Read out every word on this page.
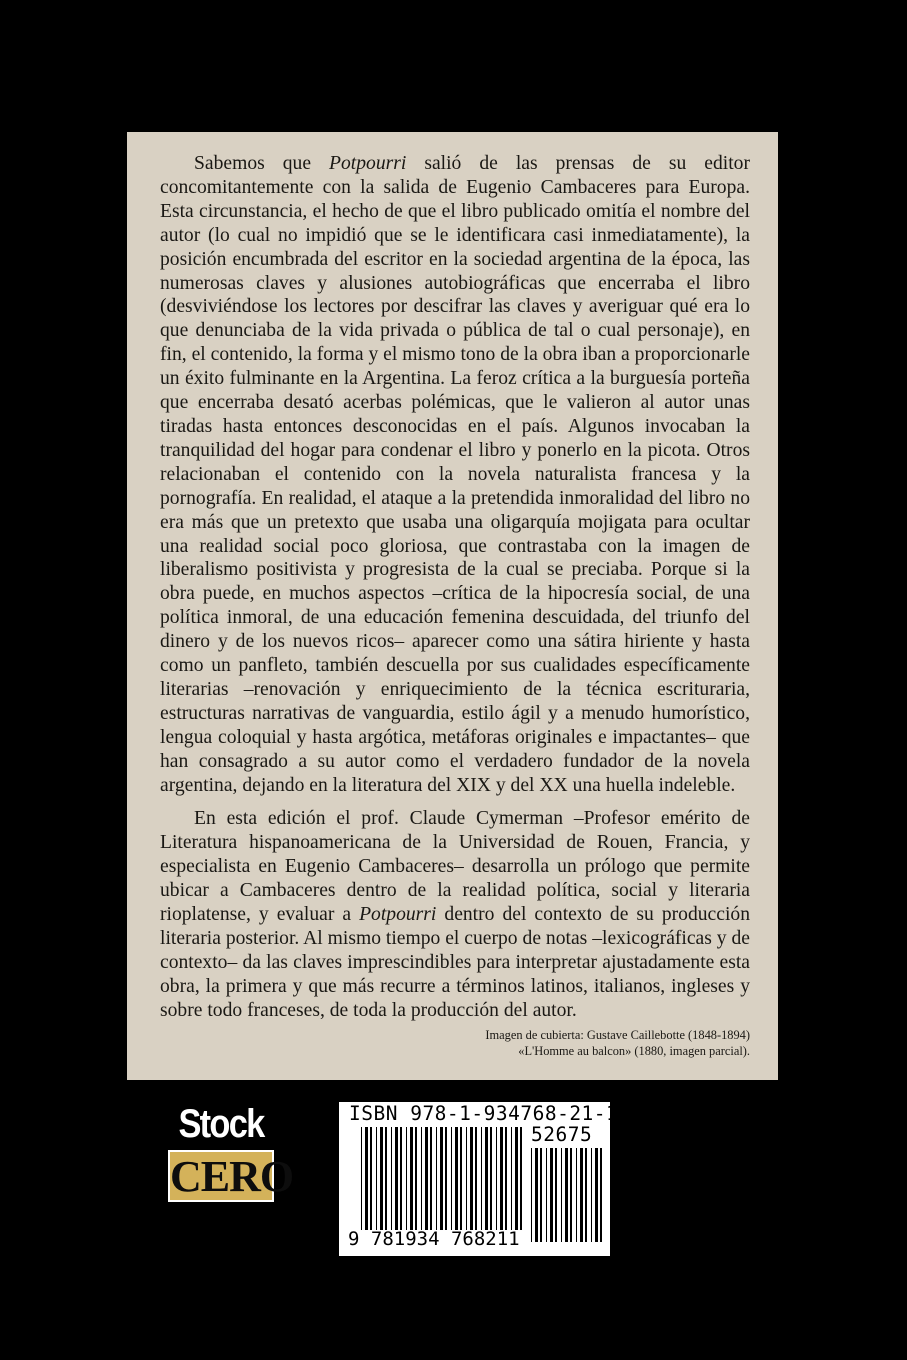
Sabemos que Potpourri salió de las prensas de su editor concomitantemente con la salida de Eugenio Cambaceres para Europa. Esta circunstancia, el hecho de que el libro publicado omitía el nombre del autor (lo cual no impidió que se le identificara casi inmediatamente), la posición encumbrada del escritor en la sociedad argentina de la época, las numerosas claves y alusiones autobiográficas que encerraba el libro (desviviéndose los lectores por descifrar las claves y averiguar qué era lo que denunciaba de la vida privada o pública de tal o cual personaje), en fin, el contenido, la forma y el mismo tono de la obra iban a proporcionarle un éxito fulminante en la Argentina. La feroz crítica a la burguesía porteña que encerraba desató acerbas polémicas, que le valieron al autor unas tiradas hasta entonces desconocidas en el país. Algunos invocaban la tranquilidad del hogar para condenar el libro y ponerlo en la picota. Otros relacionaban el contenido con la novela naturalista francesa y la pornografía. En realidad, el ataque a la pretendida inmoralidad del libro no era más que un pretexto que usaba una oligarquía mojigata para ocultar una realidad social poco gloriosa, que contrastaba con la imagen de liberalismo positivista y progresista de la cual se preciaba. Porque si la obra puede, en muchos aspectos –crítica de la hipocresía social, de una política inmoral, de una educación femenina descuidada, del triunfo del dinero y de los nuevos ricos– aparecer como una sátira hiriente y hasta como un panfleto, también descuella por sus cualidades específicamente literarias –renovación y enriquecimiento de la técnica escrituraria, estructuras narrativas de vanguardia, estilo ágil y a menudo humorístico, lengua coloquial y hasta argótica, metáforas originales e impactantes– que han consagrado a su autor como el verdadero fundador de la novela argentina, dejando en la literatura del XIX y del XX una huella indeleble.

En esta edición el prof. Claude Cymerman –Profesor emérito de Literatura hispanoamericana de la Universidad de Rouen, Francia, y especialista en Eugenio Cambaceres– desarrolla un prólogo que permite ubicar a Cambaceres dentro de la realidad política, social y literaria rioplatense, y evaluar a Potpourri dentro del contexto de su producción literaria posterior. Al mismo tiempo el cuerpo de notas –lexicográficas y de contexto– da las claves imprescindibles para interpretar ajustadamente esta obra, la primera y que más recurre a términos latinos, italianos, ingleses y sobre todo franceses, de toda la producción del autor.

Imagen de cubierta: Gustave Caillebotte (1848-1894)
«L'Homme au balcon» (1880, imagen parcial).
Stock
CERO
ISBN 978-1-934768-21-1
52675
9 781934 768211
